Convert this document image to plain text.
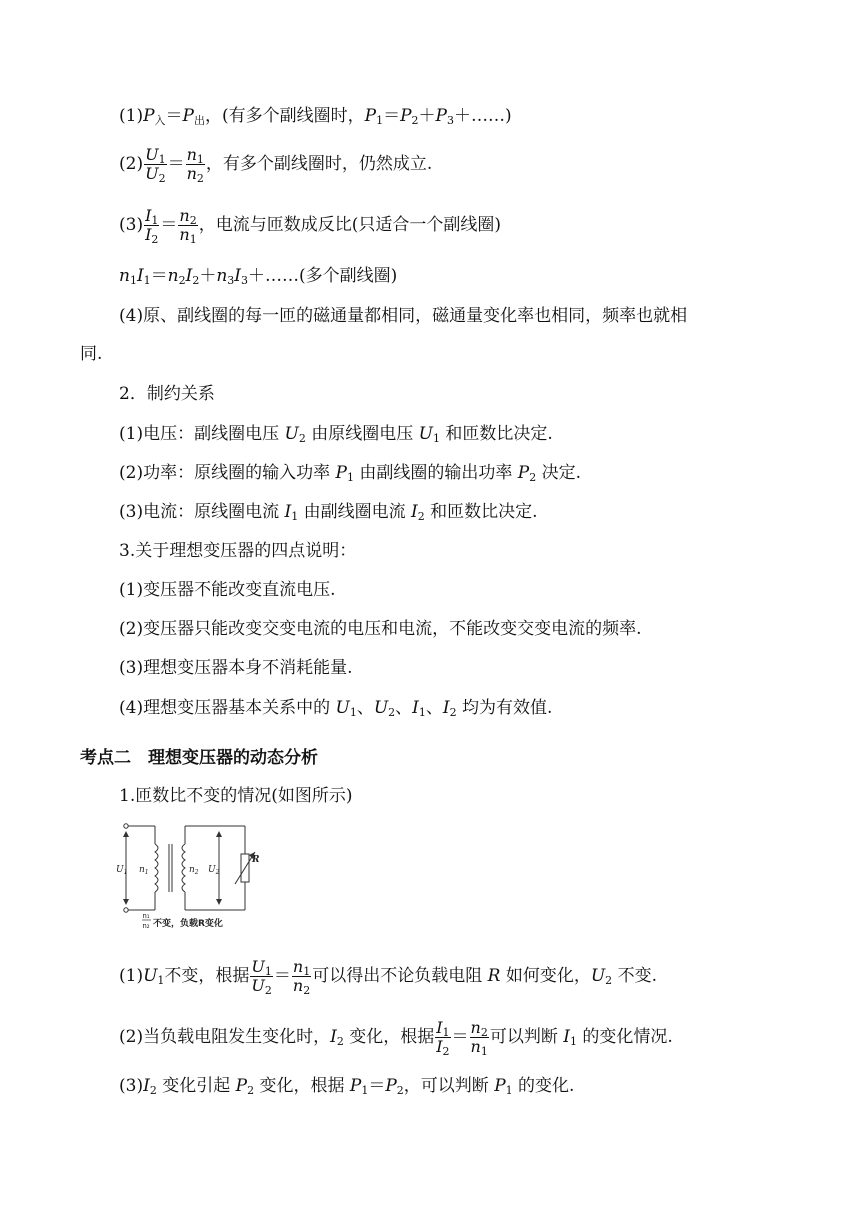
$(1)P_入=P_出$，(有多个副线圈时，$P_1=P_2+P_3+\dots\dots$)
$(2) \frac{U_1}{U_2} = \frac{n_1}{n_2}$ ，有多个副线圈时，仍然成立.
$(3) \frac{I_1}{I_2} = \frac{n_2}{n_1}$ ，电流与匝数成反比(只适合一个副线圈)
$n_1I_1=n_2I_2+n_3I_3+\dots\dots$(多个副线圈)
(4)原、副线圈的每一匝的磁通量都相同，磁通量变化率也相同，频率也就相
同.
2．制约关系
(1)电压：副线圈电压 $U_2$ 由原线圈电压 $U_1$ 和匝数比决定.
(2)功率：原线圈的输入功率 $P_1$ 由副线圈的输出功率 $P_2$ 决定.
(3)电流：原线圈电流 $I_1$ 由副线圈电流 $I_2$ 和匝数比决定.
3.关于理想变压器的四点说明：
(1)变压器不能改变直流电压.
(2)变压器只能改变交变电流的电压和电流，不能改变交变电流的频率.
(3)理想变压器本身不消耗能量.
(4)理想变压器基本关系中的 $U_1$、$U_2$、$I_1$、$I_2$ 均为有效值.
考点二　理想变压器的动态分析
1.匝数比不变的情况(如图所示)
$U_1$ $n_1$	$n_2$ $U_2$
R
n₁
n₂ 不变，负载R变化
$(1)U_1$不变，根据 $\frac{U_1}{U_2} = \frac{n_1}{n_2}$ 可以得出不论负载电阻 R 如何变化，$U_2$ 不变.
(2)当负载电阻发生变化时，$I_2$ 变化，根据 $\frac{I_1}{I_2} = \frac{n_2}{n_1}$ 可以判断 $I_1$ 的变化情况.
$(3)I_2$ 变化引起 $P_2$ 变化，根据 $P_1=P_2$，可以判断 $P_1$ 的变化.
